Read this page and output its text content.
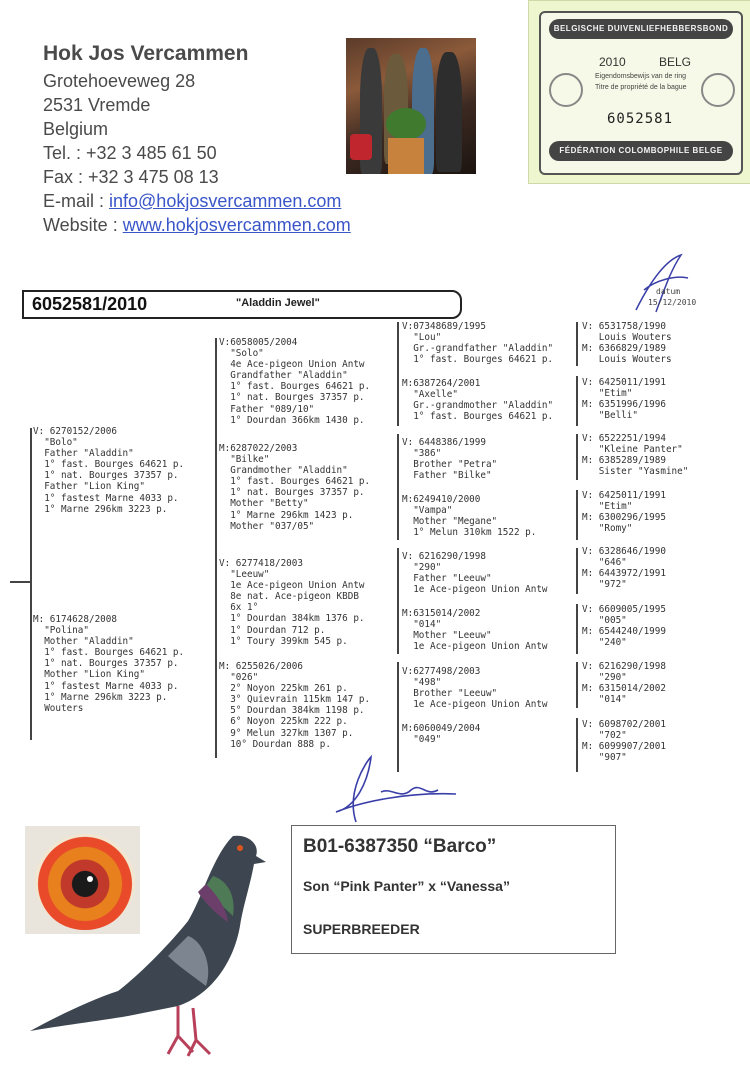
Hok Jos Vercammen
Grotehoeveweg 28
2531 Vremde
Belgium
Tel. : +32 3 485 61 50
Fax : +32 3 475 08 13
E-mail : info@hokjosvercammen.com
Website : www.hokjosvercammen.com
BELGISCHE DUIVENLIEFHEBBERSBOND
2010	BELG
Eigendomsbewijs van de ring
Titre de propriété de la bague
6052581
FÉDÉRATION COLOMBOPHILE BELGE
datum
15/12/2010
6052581/2010	"Aladdin Jewel"
V: 6270152/2006
"Bolo"
Father "Aladdin"
1° fast. Bourges 64621 p.
1° nat. Bourges 37357 p.
Father "Lion King"
1° fastest Marne 4033 p.
1° Marne 296km 3223 p.
M: 6174628/2008
"Polina"
Mother "Aladdin"
1° fast. Bourges 64621 p.
1° nat. Bourges 37357 p.
Mother "Lion King"
1° fastest Marne 4033 p.
1° Marne 296km 3223 p.
Wouters
V:6058005/2004
"Solo"
4e Ace-pigeon Union Antw
Grandfather "Aladdin"
1° fast. Bourges 64621 p.
1° nat. Bourges 37357 p.
Father "089/10"
1° Dourdan 366km 1430 p.
M:6287022/2003
"Bilke"
Grandmother "Aladdin"
1° fast. Bourges 64621 p.
1° nat. Bourges 37357 p.
Mother "Betty"
1° Marne 296km 1423 p.
Mother "037/05"
V: 6277418/2003
"Leeuw"
1e Ace-pigeon Union Antw
8e nat. Ace-pigeon KBDB
6x 1°
1° Dourdan 384km 1376 p.
1° Dourdan 712 p.
1° Toury 399km 545 p.
M: 6255026/2006
"026"
2° Noyon 225km 261 p.
3° Quievrain 115km 147 p.
5° Dourdan 384km 1198 p.
6° Noyon 225km 222 p.
9° Melun 327km 1307 p.
10° Dourdan 888 p.
V:07348689/1995
"Lou"
Gr.-grandfather "Aladdin"
1° fast. Bourges 64621 p.
M:6387264/2001
"Axelle"
Gr.-grandmother "Aladdin"
1° fast. Bourges 64621 p.
V: 6448386/1999
"386"
Brother "Petra"
Father "Bilke"
M:6249410/2000
"Vampa"
Mother "Megane"
1° Melun 310km 1522 p.
V: 6216290/1998
"290"
Father "Leeuw"
1e Ace-pigeon Union Antw
M:6315014/2002
"014"
Mother "Leeuw"
1e Ace-pigeon Union Antw
V:6277498/2003
"498"
Brother "Leeuw"
1e Ace-pigeon Union Antw
M:6060049/2004
"049"
V: 6531758/1990
Louis Wouters
M: 6366829/1989
Louis Wouters
V: 6425011/1991
"Etim"
M: 6351996/1996
"Belli"
V: 6522251/1994
"Kleine Panter"
M: 6385289/1989
Sister "Yasmine"
V: 6425011/1991
"Etim"
M: 6300296/1995
"Romy"
V: 6328646/1990
"646"
M: 6443972/1991
"972"
V: 6609005/1995
"005"
M: 6544240/1999
"240"
V: 6216290/1998
"290"
M: 6315014/2002
"014"
V: 6098702/2001
"702"
M: 6099907/2001
"907"
B01-6387350 “Barco”
Son “Pink Panter” x “Vanessa”
SUPERBREEDER
